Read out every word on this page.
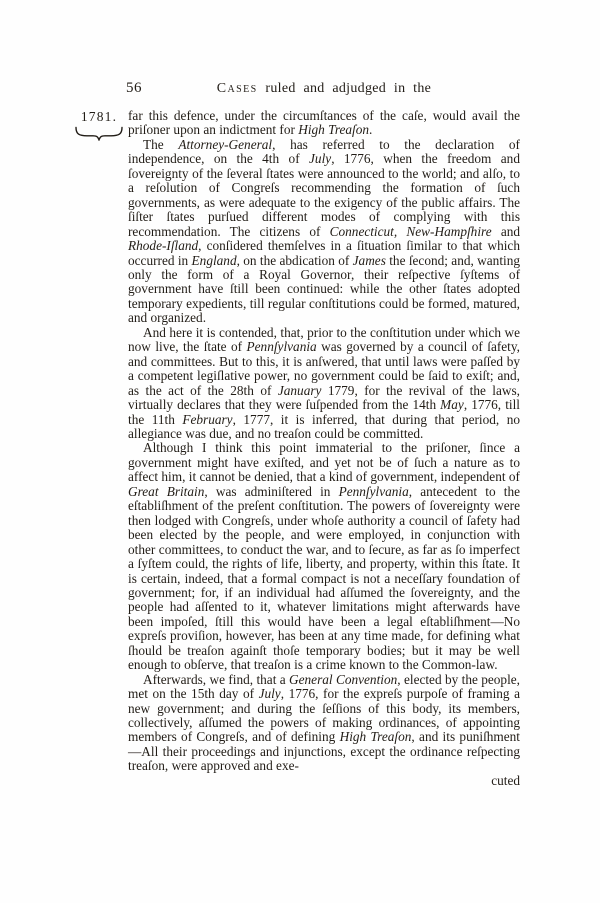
56	Cases ruled and adjudged in the
1781. far this defence, under the circumſtances of the caſe, would avail the priſoner upon an indictment for High Treaſon.

The Attorney-General, has referred to the declaration of independence, on the 4th of July, 1776, when the freedom and ſovereignty of the ſeveral ſtates were announced to the world; and alſo, to a reſolution of Congreſs recommending the formation of ſuch governments, as were adequate to the exigency of the public affairs. The ſiſter ſtates purſued different modes of complying with this recommendation. The citizens of Connecticut, New-Hampſhire and Rhode-Iſland, conſidered themſelves in a ſituation ſimilar to that which occurred in England, on the abdication of James the ſecond; and, wanting only the form of a Royal Governor, their reſpective ſyſtems of government have ſtill been continued: while the other ſtates adopted temporary expedients, till regular conſtitutions could be formed, matured, and organized.

And here it is contended, that, prior to the conſtitution under which we now live, the ſtate of Pennſylvania was governed by a council of ſafety, and committees. But to this, it is anſwered, that until laws were paſſed by a competent legiſlative power, no government could be ſaid to exiſt; and, as the act of the 28th of January 1779, for the revival of the laws, virtually declares that they were ſuſpended from the 14th May, 1776, till the 11th February, 1777, it is inferred, that during that period, no allegiance was due, and no treaſon could be committed.

Although I think this point immaterial to the priſoner, ſince a government might have exiſted, and yet not be of ſuch a nature as to affect him, it cannot be denied, that a kind of government, independent of Great Britain, was adminiſtered in Pennſylvania, antecedent to the eſtabliſhment of the preſent conſtitution. The powers of ſovereignty were then lodged with Congreſs, under whoſe authority a council of ſafety had been elected by the people, and were employed, in conjunction with other committees, to conduct the war, and to ſecure, as far as ſo imperfect a ſyſtem could, the rights of life, liberty, and property, within this ſtate. It is certain, indeed, that a formal compact is not a neceſſary foundation of government; for, if an individual had aſſumed the ſovereignty, and the people had aſſented to it, whatever limitations might afterwards have been impoſed, ſtill this would have been a legal eſtabliſhment—No expreſs proviſion, however, has been at any time made, for defining what ſhould be treaſon againſt thoſe temporary bodies; but it may be well enough to obſerve, that treaſon is a crime known to the Common-law.

Afterwards, we find, that a General Convention, elected by the people, met on the 15th day of July, 1776, for the expreſs purpoſe of framing a new government; and during the ſeſſions of this body, its members, collectively, aſſumed the powers of making ordinances, of appointing members of Congreſs, and of defining High Treaſon, and its puniſhment—All their proceedings and injunctions, except the ordinance reſpecting treaſon, were approved and exe-

cuted
